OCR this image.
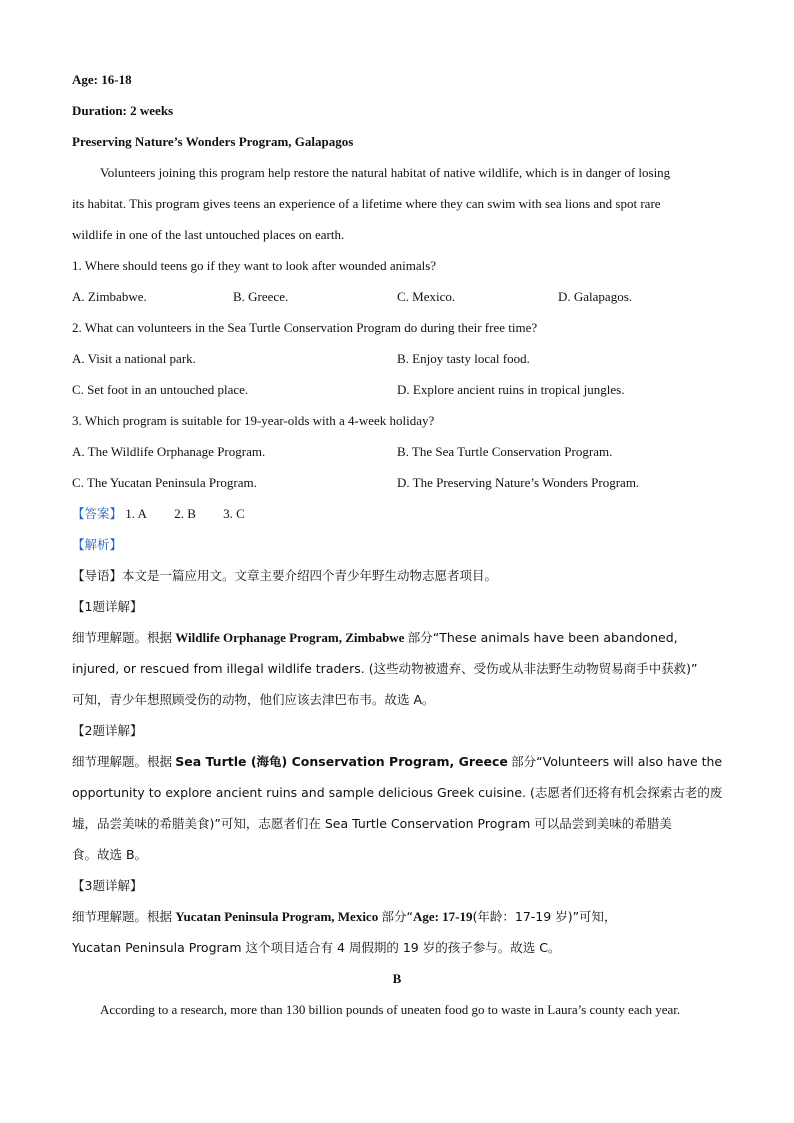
Age: 16-18
Duration: 2 weeks
Preserving Nature’s Wonders Program, Galapagos
Volunteers joining this program help restore the natural habitat of native wildlife, which is in danger of losing
its habitat. This program gives teens an experience of a lifetime where they can swim with sea lions and spot rare
wildlife in one of the last untouched places on earth.
1. Where should teens go if they want to look after wounded animals?
A. Zimbabwe.	B. Greece.	C. Mexico.	D. Galapagos.
2. What can volunteers in the Sea Turtle Conservation Program do during their free time?
A. Visit a national park.	B. Enjoy tasty local food.
C. Set foot in an untouched place.	D. Explore ancient ruins in tropical jungles.
3. Which program is suitable for 19-year-olds with a 4-week holiday?
A. The Wildlife Orphanage Program.	B. The Sea Turtle Conservation Program.
C. The Yucatan Peninsula Program.	D. The Preserving Nature’s Wonders Program.
【答案】 1. A 2. B 3. C
【解析】
【导语】本文是一篇应用文。文章主要介绍四个青少年野生动物志愿者项目。
【1题详解】
细节理解题。根据 Wildlife Orphanage Program, Zimbabwe 部分“These animals have been abandoned,
injured, or rescued from illegal wildlife traders. (这些动物被遗弃、受伤或从非法野生动物贸易商手中获救)”
可知，青少年想照顾受伤的动物，他们应该去津巴布韦。故选 A。
【2题详解】
细节理解题。根据 Sea Turtle (海龟) Conservation Program, Greece 部分“Volunteers will also have the
opportunity to explore ancient ruins and sample delicious Greek cuisine. (志愿者们还将有机会探索古老的废
墟，品尝美味的希腊美食)”可知，志愿者们在 Sea Turtle Conservation Program 可以品尝到美味的希腊美
食。故选 B。
【3题详解】
细节理解题。根据 Yucatan Peninsula Program, Mexico 部分“Age: 17-19(年龄：17-19 岁)”可知，
Yucatan Peninsula Program 这个项目适合有 4 周假期的 19 岁的孩子参与。故选 C。
B
According to a research, more than 130 billion pounds of uneaten food go to waste in Laura’s county each year.
